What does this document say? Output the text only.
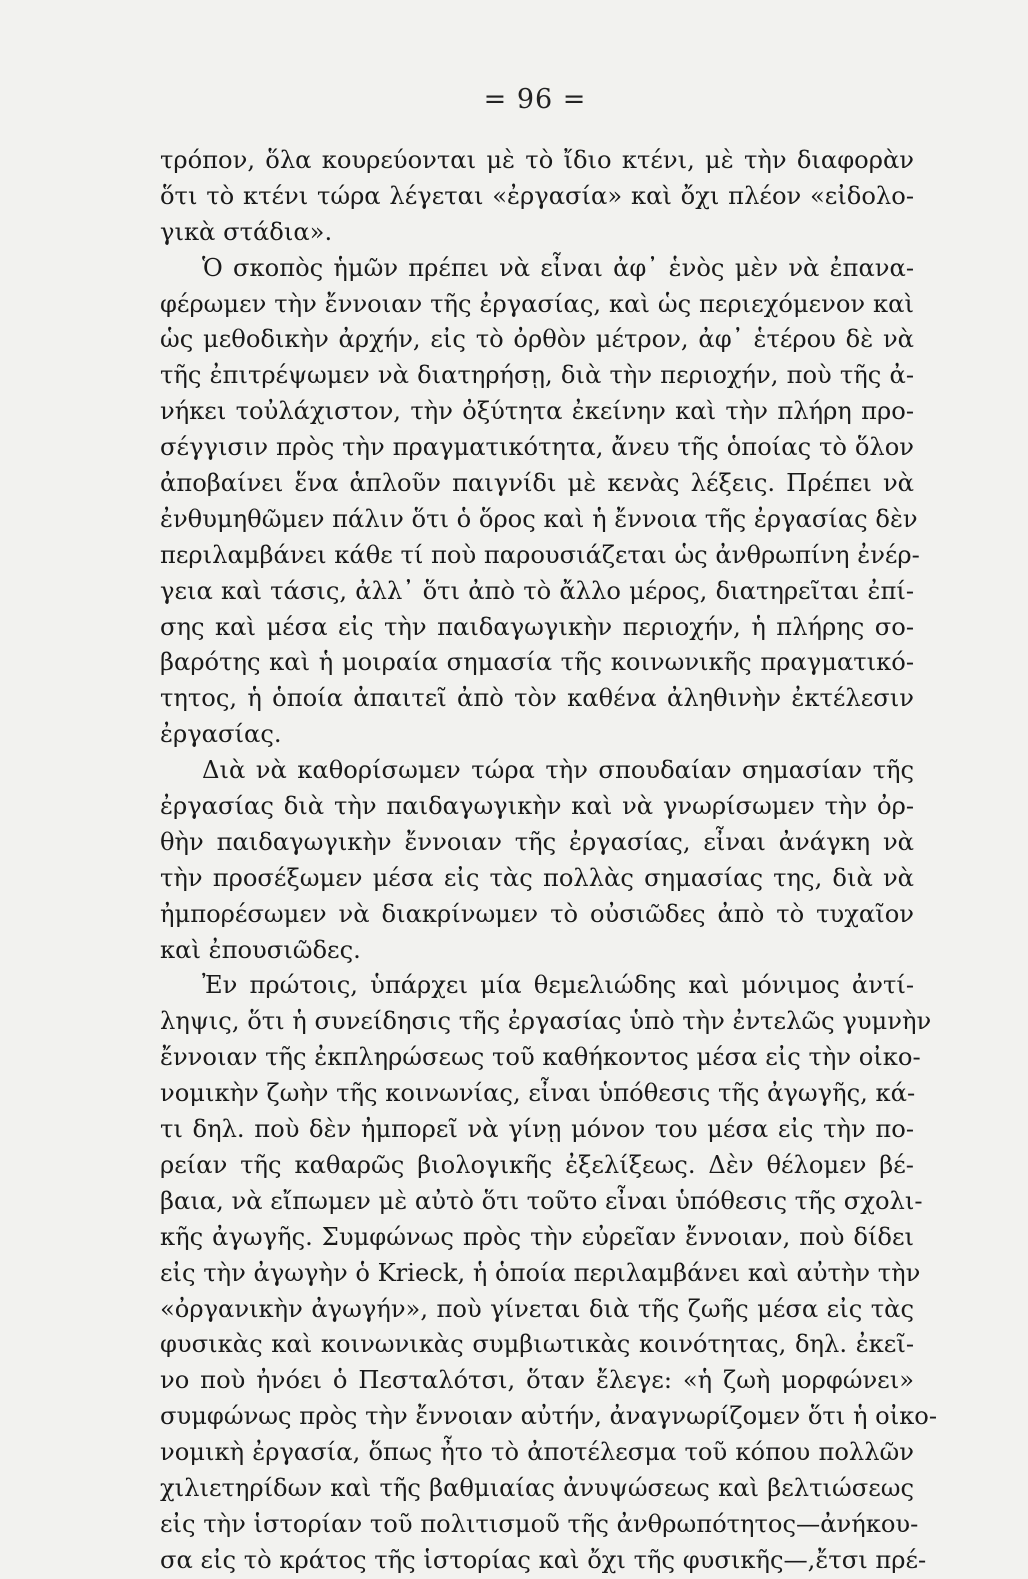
= 96 =
τρόπον, ὅλα κουρεύονται μὲ τὸ ἴδιο κτένι, μὲ τὴν διαφορὰν
ὅτι τὸ κτένι τώρα λέγεται «ἐργασία» καὶ ὄχι πλέον «εἰδολο-
γικὰ στάδια».
Ὁ σκοπὸς ἡμῶν πρέπει νὰ εἶναι ἀφ᾽ ἑνὸς μὲν νὰ ἐπανα-
φέρωμεν τὴν ἔννοιαν τῆς ἐργασίας, καὶ ὡς περιεχόμενον καὶ
ὡς μεθοδικὴν ἀρχήν, εἰς τὸ ὀρθὸν μέτρον, ἀφ᾽ ἑτέρου δὲ νὰ
τῆς ἐπιτρέψωμεν νὰ διατηρήσῃ, διὰ τὴν περιοχήν, ποὺ τῆς ἀ-
νήκει τοὐλάχιστον, τὴν ὀξύτητα ἐκείνην καὶ τὴν πλήρη προ-
σέγγισιν πρὸς τὴν πραγματικότητα, ἄνευ τῆς ὁποίας τὸ ὅλον
ἀποβαίνει ἕνα ἁπλοῦν παιγνίδι μὲ κενὰς λέξεις. Πρέπει νὰ
ἐνθυμηθῶμεν πάλιν ὅτι ὁ ὅρος καὶ ἡ ἔννοια τῆς ἐργασίας δὲν
περιλαμβάνει κάθε τί ποὺ παρουσιάζεται ὡς ἀνθρωπίνη ἐνέρ-
γεια καὶ τάσις, ἀλλ᾽ ὅτι ἀπὸ τὸ ἄλλο μέρος, διατηρεῖται ἐπί-
σης καὶ μέσα εἰς τὴν παιδαγωγικὴν περιοχήν, ἡ πλήρης σο-
βαρότης καὶ ἡ μοιραία σημασία τῆς κοινωνικῆς πραγματικό-
τητος, ἡ ὁποία ἀπαιτεῖ ἀπὸ τὸν καθένα ἀληθινὴν ἐκτέλεσιν
ἐργασίας.
Διὰ νὰ καθορίσωμεν τώρα τὴν σπουδαίαν σημασίαν τῆς
ἐργασίας διὰ τὴν παιδαγωγικὴν καὶ νὰ γνωρίσωμεν τὴν ὀρ-
θὴν παιδαγωγικὴν ἔννοιαν τῆς ἐργασίας, εἶναι ἀνάγκη νὰ
τὴν προσέξωμεν μέσα εἰς τὰς πολλὰς σημασίας της, διὰ νὰ
ἠμπορέσωμεν νὰ διακρίνωμεν τὸ οὐσιῶδες ἀπὸ τὸ τυχαῖον
καὶ ἐπουσιῶδες.
Ἐν πρώτοις, ὑπάρχει μία θεμελιώδης καὶ μόνιμος ἀντί-
ληψις, ὅτι ἡ συνείδησις τῆς ἐργασίας ὑπὸ τὴν ἐντελῶς γυμνὴν
ἔννοιαν τῆς ἐκπληρώσεως τοῦ καθήκοντος μέσα εἰς τὴν οἰκο-
νομικὴν ζωὴν τῆς κοινωνίας, εἶναι ὑπόθεσις τῆς ἀγωγῆς, κά-
τι δηλ. ποὺ δὲν ἠμπορεῖ νὰ γίνῃ μόνον του μέσα εἰς τὴν πο-
ρείαν τῆς καθαρῶς βιολογικῆς ἐξελίξεως. Δὲν θέλομεν βέ-
βαια, νὰ εἴπωμεν μὲ αὐτὸ ὅτι τοῦτο εἶναι ὑπόθεσις τῆς σχολι-
κῆς ἀγωγῆς. Συμφώνως πρὸς τὴν εὐρεῖαν ἔννοιαν, ποὺ δίδει
εἰς τὴν ἀγωγὴν ὁ Krieck, ἡ ὁποία περιλαμβάνει καὶ αὐτὴν τὴν
«ὀργανικὴν ἀγωγήν», ποὺ γίνεται διὰ τῆς ζωῆς μέσα εἰς τὰς
φυσικὰς καὶ κοινωνικὰς συμβιωτικὰς κοινότητας, δηλ. ἐκεῖ-
νο ποὺ ἠνόει ὁ Πεσταλότσι, ὅταν ἔλεγε: «ἡ ζωὴ μορφώνει»
συμφώνως πρὸς τὴν ἔννοιαν αὐτήν, ἀναγνωρίζομεν ὅτι ἡ οἰκο-
νομικὴ ἐργασία, ὅπως ἦτο τὸ ἀποτέλεσμα τοῦ κόπου πολλῶν
χιλιετηρίδων καὶ τῆς βαθμιαίας ἀνυψώσεως καὶ βελτιώσεως
εἰς τὴν ἱστορίαν τοῦ πολιτισμοῦ τῆς ἀνθρωπότητος—ἀνήκου-
σα εἰς τὸ κράτος τῆς ἱστορίας καὶ ὄχι τῆς φυσικῆς—,ἔτσι πρέ-
